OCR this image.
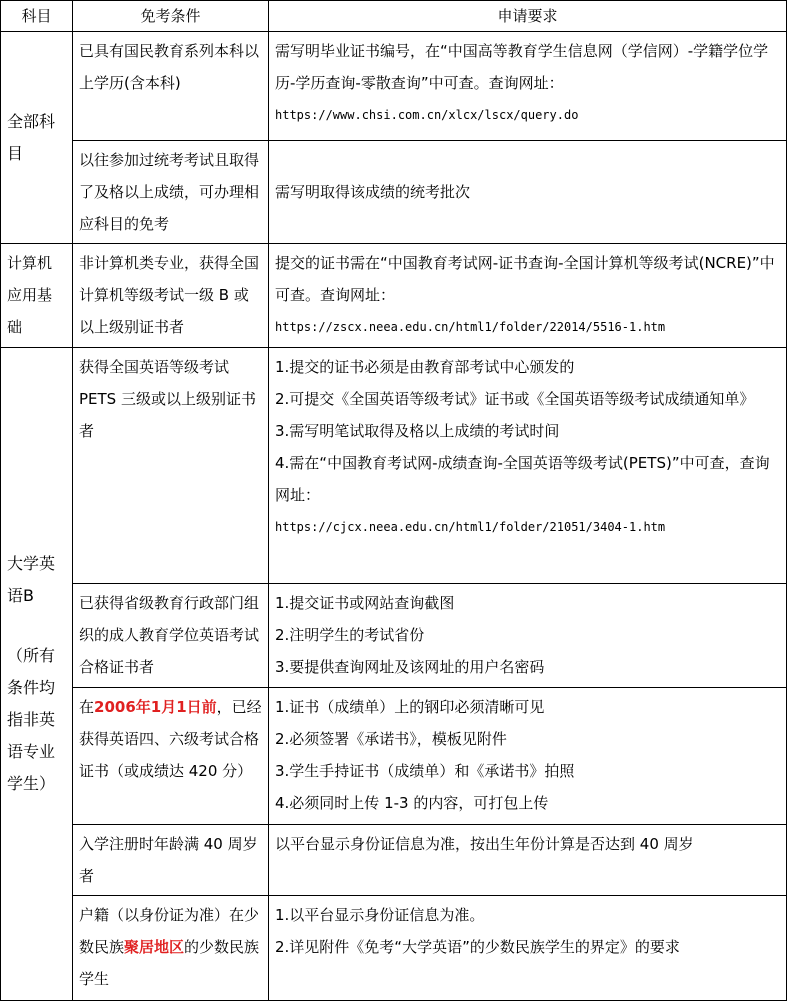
科目	免考条件	申请要求
全部科目	已具有国民教育系列本科以上学历(含本科)	需写明毕业证书编号，在“中国高等教育学生信息网（学信网）-学籍学位学历-学历查询-零散查询”中可查。查询网址：
https://www.chsi.com.cn/xlcx/lscx/query.do

	以往参加过统考考试且取得了及格以上成绩，可办理相应科目的免考	需写明取得该成绩的统考批次
计算机应用基础	非计算机类专业，获得全国计算机等级考试一级 B 或以上级别证书者	提交的证书需在“中国教育考试网-证书查询-全国计算机等级考试(NCRE)”中可查。查询网址：
https://zscx.neea.edu.cn/html1/folder/22014/5516-1.htm

大学英语B
（所有条件均指非英语专业学生）	获得全国英语等级考试 PETS 三级或以上级别证书者	1.提交的证书必须是由教育部考试中心颁发的
2.可提交《全国英语等级考试》证书或《全国英语等级考试成绩通知单》
3.需写明笔试取得及格以上成绩的考试时间
4.需在“中国教育考试网-成绩查询-全国英语等级考试(PETS)”中可查，查询网址：
https://cjcx.neea.edu.cn/html1/folder/21051/3404-1.htm

	已获得省级教育行政部门组织的成人教育学位英语考试合格证书者	1.提交证书或网站查询截图
2.注明学生的考试省份
3.要提供查询网址及该网址的用户名密码

	在2006年1月1日前，已经获得英语四、六级考试合格证书（或成绩达 420 分）	1.证书（成绩单）上的钢印必须清晰可见
2.必须签署《承诺书》，模板见附件
3.学生手持证书（成绩单）和《承诺书》拍照
4.必须同时上传 1-3 的内容，可打包上传

	入学注册时年龄满 40 周岁者	以平台显示身份证信息为准，按出生年份计算是否达到 40 周岁
	户籍（以身份证为准）在少数民族聚居地区的少数民族学生	1.以平台显示身份证信息为准。
2.详见附件《免考“大学英语”的少数民族学生的界定》的要求
